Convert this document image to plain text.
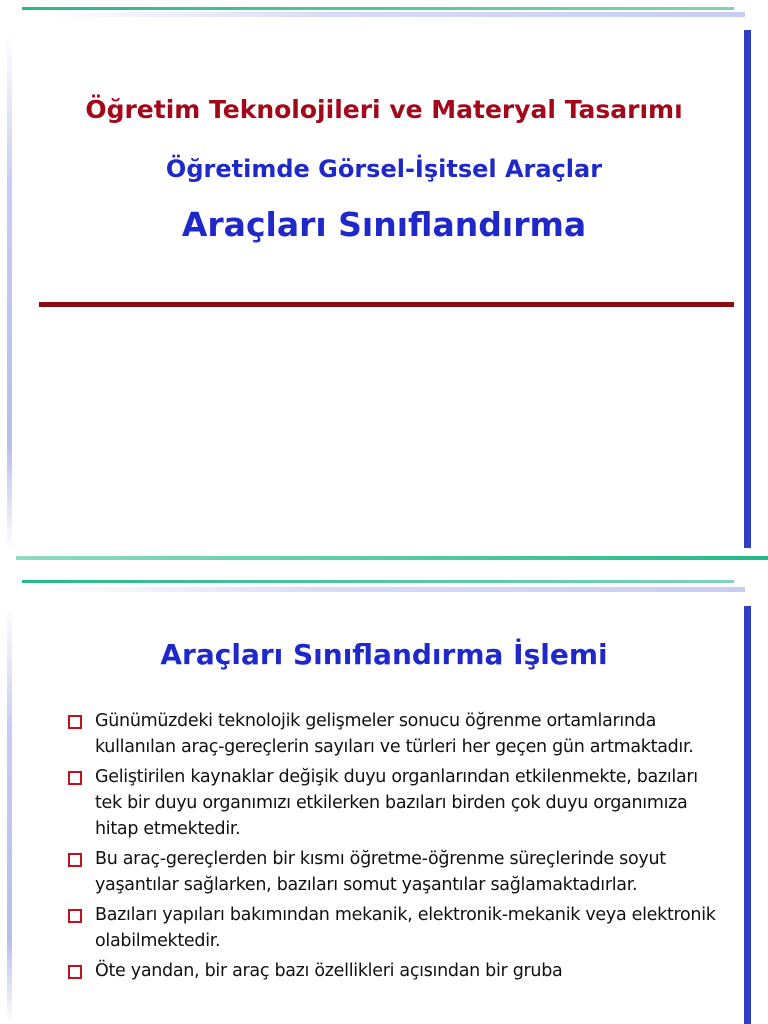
Öğretim Teknolojileri ve Materyal Tasarımı
Öğretimde Görsel-İşitsel Araçlar
Araçları Sınıflandırma
Araçları Sınıflandırma İşlemi
Günümüzdeki teknolojik gelişmeler sonucu öğrenme ortamlarında kullanılan araç-gereçlerin sayıları ve türleri her geçen gün artmaktadır.
Geliştirilen kaynaklar değişik duyu organlarından etkilenmekte, bazıları tek bir duyu organımızı etkilerken bazıları birden çok duyu organımıza hitap etmektedir.
Bu araç-gereçlerden bir kısmı öğretme-öğrenme süreçlerinde soyut yaşantılar sağlarken, bazıları somut yaşantılar sağlamaktadırlar.
Bazıları yapıları bakımından mekanik, elektronik-mekanik veya elektronik olabilmektedir.
Öte yandan, bir araç bazı özellikleri açısından bir gruba
